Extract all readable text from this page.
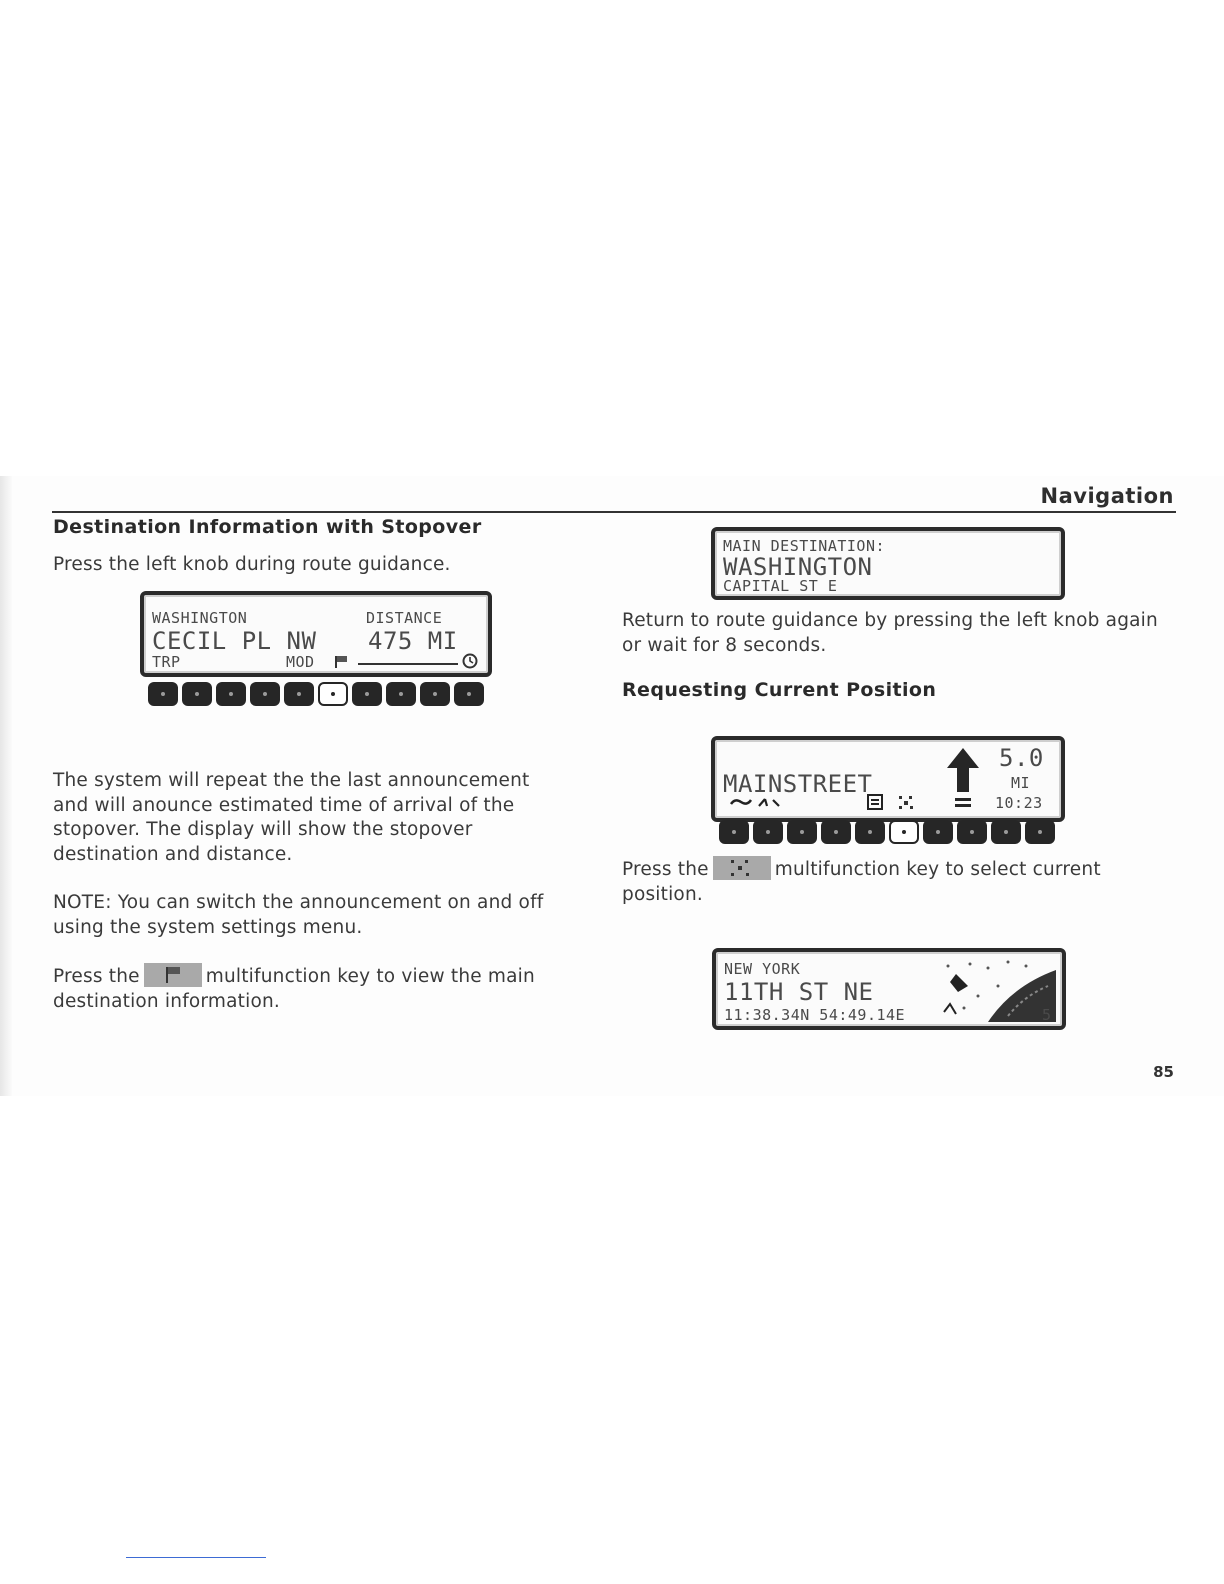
Navigation
Destination Information with Stopover
Press the left knob during route guidance.
WASHINGTON	DISTANCE
CECIL PL NW 475 MI
TRP	MOD
The system will repeat the the last announcement
and will anounce estimated time of arrival of the
stopover. The display will show the stopover
destination and distance.
NOTE: You can switch the announcement on and off
using the system settings menu.
Press the	multifunction key to view the main
destination information.
MAIN DESTINATION:
WASHINGTON
CAPITAL ST E
Return to route guidance by pressing the left knob again
or wait for 8 seconds.
Requesting Current Position
MAINSTREET
5.0
MI
10:23
Press the	multifunction key to select current
position.
NEW YORK
11TH ST NE
11:38.34N 54:49.14E	5
85
